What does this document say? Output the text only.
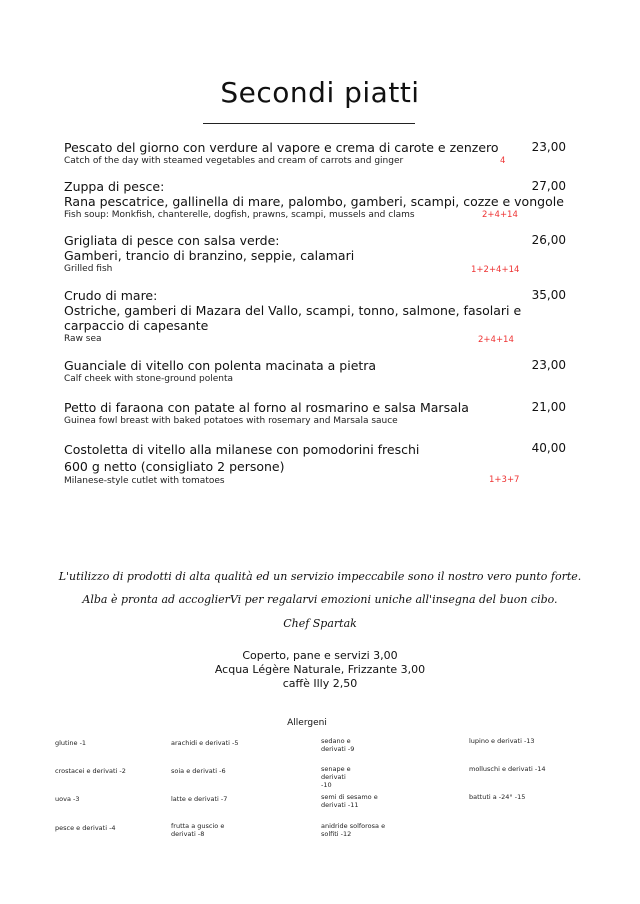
Secondi piatti
Pescato del giorno con verdure al vapore e crema di carote e zenzero
Catch of the day with steamed vegetables and cream of carrots and ginger
23,00
4
Zuppa di pesce:
Rana pescatrice, gallinella di mare, palombo, gamberi, scampi, cozze e vongole
Fish soup: Monkfish, chanterelle, dogfish, prawns, scampi, mussels and clams
27,00
2+4+14
Grigliata di pesce con salsa verde:
Gamberi, trancio di branzino, seppie, calamari
Grilled fish
26,00
1+2+4+14
Crudo di mare:
Ostriche, gamberi di Mazara del Vallo, scampi, tonno, salmone, fasolari e
carpaccio di capesante
Raw sea
35,00
2+4+14
Guanciale di vitello con polenta macinata a pietra
Calf cheek with stone-ground polenta
23,00
Petto di faraona con patate al forno al rosmarino e salsa Marsala
Guinea fowl breast with baked potatoes with rosemary and Marsala sauce
21,00
Costoletta di vitello alla milanese con pomodorini freschi
600 g netto (consigliato 2 persone)
Milanese-style cutlet with tomatoes
40,00
1+3+7
L'utilizzo di prodotti di alta qualità ed un servizio impeccabile sono il nostro vero punto forte.
Alba è pronta ad accoglierVi per regalarvi emozioni uniche all'insegna del buon cibo.
Chef Spartak
Coperto, pane e servizi 3,00
Acqua Légère Naturale, Frizzante 3,00
caffè Illy 2,50
Allergeni
glutine -1
crostacei e derivati -2
uova -3
pesce e derivati -4
arachidi e derivati -5
soia e derivati -6
latte e derivati -7
frutta a guscio e derivati -8
sedano e derivati -9
senape e derivati -10
semi di sesamo e derivati -11
anidride solforosa e solfiti -12
lupino e derivati -13
molluschi e derivati -14
battuti a -24° -15
